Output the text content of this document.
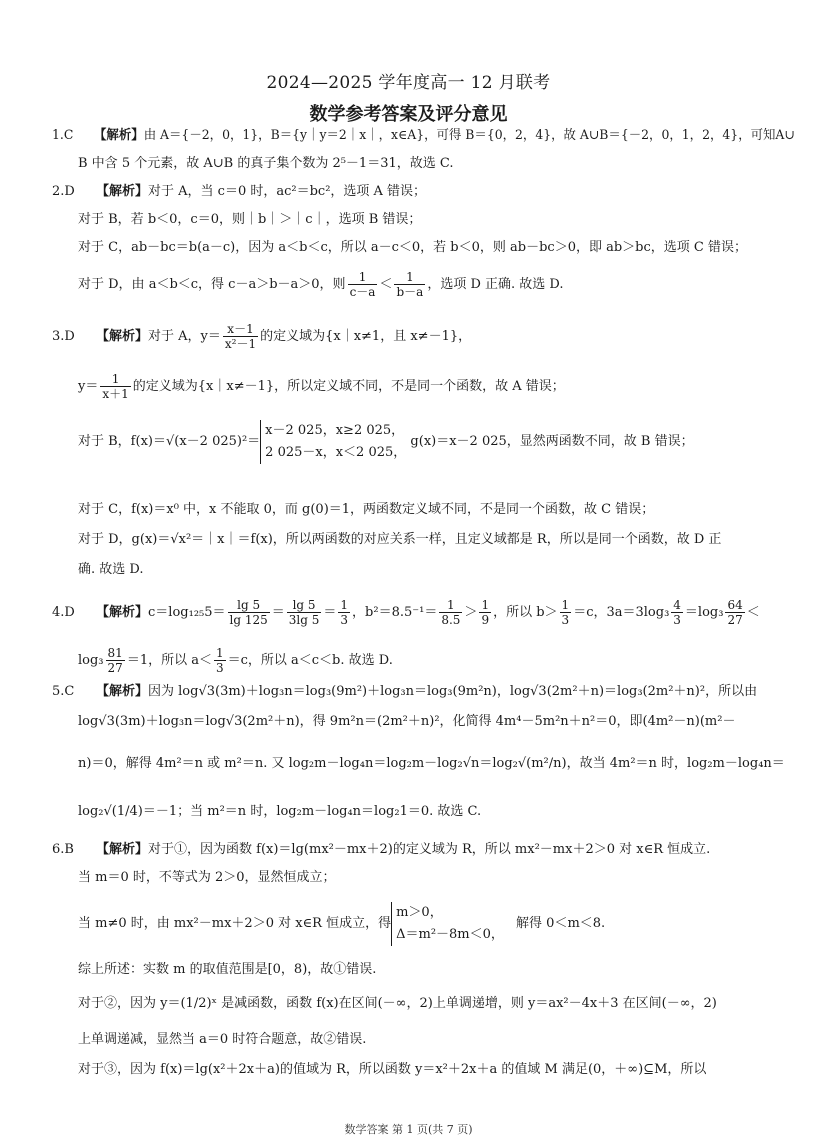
2024—2025 学年度高一 12 月联考
数学参考答案及评分意见
1.C 【解析】由 A＝{－2，0，1}，B＝{y｜y＝2｜x｜，x∈A}，可得 B＝{0，2，4}，故 A∪B＝{－2，0，1，2，4}，可知A∪
B 中含 5 个元素，故 A∪B 的真子集个数为 2⁵－1＝31，故选 C.
2.D 【解析】对于 A，当 c＝0 时，ac²＝bc²，选项 A 错误；
对于 B，若 b＜0，c＝0，则｜b｜＞｜c｜，选项 B 错误；
对于 C，ab－bc＝b(a－c)，因为 a＜b＜c，所以 a－c＜0，若 b＜0，则 ab－bc＞0，即 ab＞bc，选项 C 错误；
对于 D，由 a＜b＜c，得 c－a＞b－a＞0，则 $\frac{1}{c-a} < \frac{1}{b-a}$ ，选项 D 正确. 故选 D.
3.D 【解析】对于 A，$y= \frac{x-1}{\text{x²－1}}$ 的定义域为{x｜x≠1，且 x≠－1}，
$y= \frac{1}{x+1}$ 的定义域为{x｜x≠－1}，所以定义域不同，不是同一个函数，故 A 错误；
对于 B，f(x)＝√(x－2 025)²＝
x－2 025，x≥2 025，
2 025－x，x＜2 025，
g(x)＝x－2 025，显然两函数不同，故 B 错误；
对于 C，f(x)＝x⁰ 中，x 不能取 0，而 g(0)＝1，两函数定义域不同，不是同一个函数，故 C 错误；
对于 D，g(x)＝√x²＝｜x｜＝f(x)，所以两函数的对应关系一样，且定义域都是 R，所以是同一个函数，故 D 正
确. 故选 D.
4.D 【解析】$c=\log_{125}5= \frac{\lg 5}{\lg 125} = \frac{\lg 5}{3\lg 5} = \frac{1}{3}$ ，$b^2=8.5^{-1}= \frac{1}{8.5} > \frac{1}{9}$ ，所以 $b> \frac{1}{3} =c$，$3a=3\log_3 \frac{4}{3} =\log_3 \frac{64}{27}$ ＜
$\log_3 \frac{81}{27} =1$，所以 $a< \frac{1}{3} =c$，所以 a＜c＜b. 故选 D.
5.C 【解析】因为 log√3(3m)＋log₃n＝log₃(9m²)＋log₃n＝log₃(9m²n)，log√3(2m²＋n)＝log₃(2m²＋n)²，所以由
log√3(3m)＋log₃n＝log√3(2m²＋n)，得 9m²n＝(2m²＋n)²，化简得 4m⁴－5m²n＋n²＝0，即(4m²－n)(m²－
n)＝0，解得 4m²＝n 或 m²＝n. 又 log₂m－log₄n＝log₂m－log₂√n＝log₂√(m²/n)，故当 4m²＝n 时，log₂m－log₄n＝
log₂√(1/4)＝－1；当 m²＝n 时，log₂m－log₄n＝log₂1＝0. 故选 C.
6.B 【解析】对于①，因为函数 f(x)＝lg(mx²－mx＋2)的定义域为 R，所以 mx²－mx＋2＞0 对 x∈R 恒成立.
当 m＝0 时，不等式为 2＞0，显然恒成立；
当 m≠0 时，由 mx²－mx＋2＞0 对 x∈R 恒成立，得
m＞0，
Δ＝m²－8m＜0，
解得 0＜m＜8.
综上所述：实数 m 的取值范围是[0，8)，故①错误.
对于②，因为 y＝(1/2)ˣ 是减函数，函数 f(x)在区间(－∞，2)上单调递增，则 y＝ax²－4x＋3 在区间(－∞，2)
上单调递减，显然当 a＝0 时符合题意，故②错误.
对于③，因为 f(x)＝lg(x²＋2x＋a)的值域为 R，所以函数 y＝x²＋2x＋a 的值域 M 满足(0，＋∞)⊆M，所以
数学答案 第 1 页(共 7 页)
